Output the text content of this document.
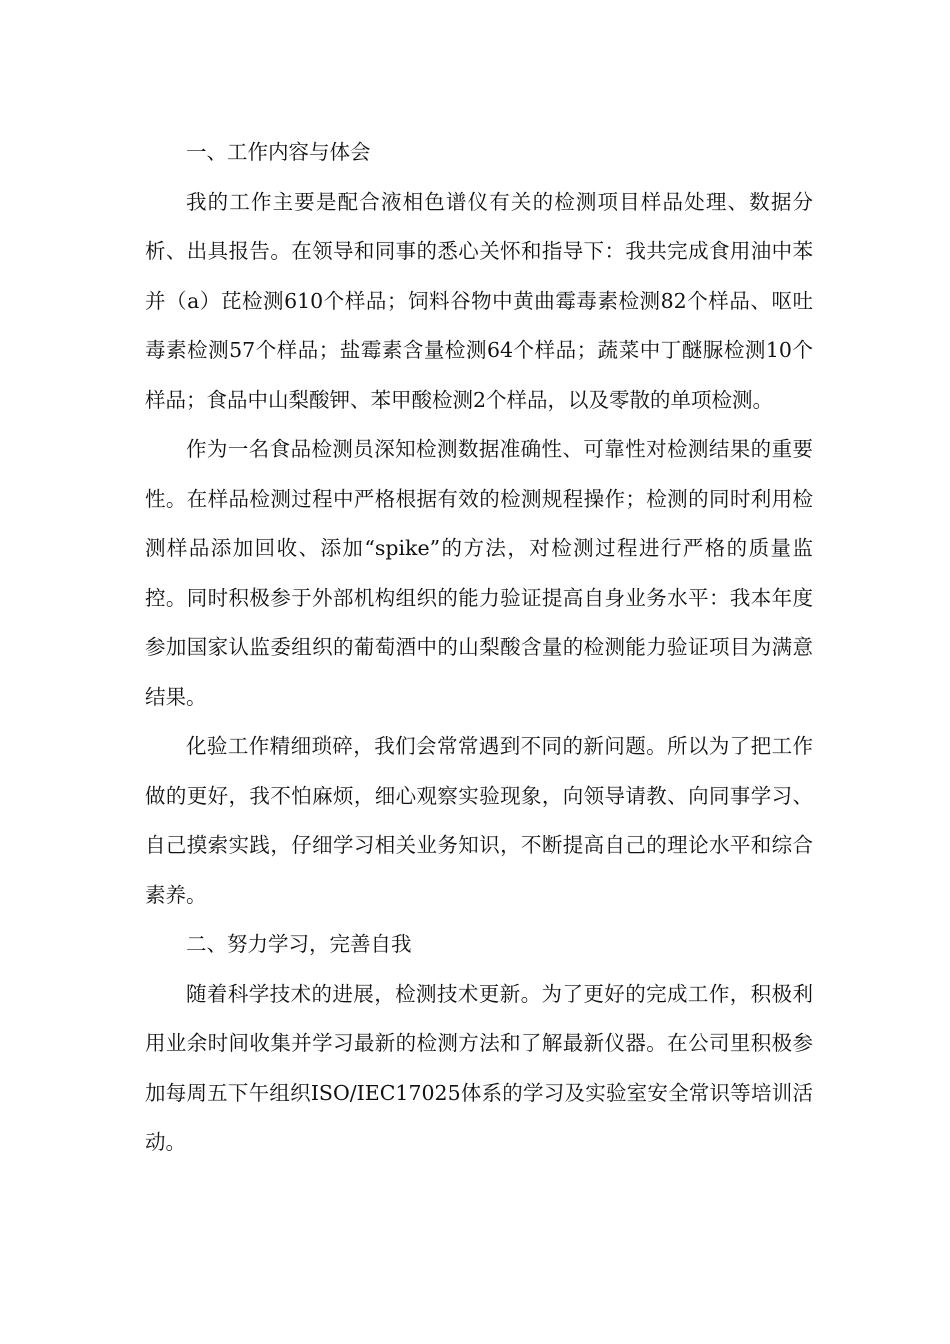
一、工作内容与体会

我的工作主要是配合液相色谱仪有关的检测项目样品处理、数据分析、出具报告。在领导和同事的悉心关怀和指导下：我共完成食用油中苯并（a）芘检测610个样品；饲料谷物中黄曲霉毒素检测82个样品、呕吐毒素检测57个样品；盐霉素含量检测64个样品；蔬菜中丁醚脲检测10个样品；食品中山梨酸钾、苯甲酸检测2个样品，以及零散的单项检测。

作为一名食品检测员深知检测数据准确性、可靠性对检测结果的重要性。在样品检测过程中严格根据有效的检测规程操作；检测的同时利用检测样品添加回收、添加“spike”的方法，对检测过程进行严格的质量监控。同时积极参于外部机构组织的能力验证提高自身业务水平：我本年度参加国家认监委组织的葡萄酒中的山梨酸含量的检测能力验证项目为满意结果。

化验工作精细琐碎，我们会常常遇到不同的新问题。所以为了把工作做的更好，我不怕麻烦，细心观察实验现象，向领导请教、向同事学习、自己摸索实践，仔细学习相关业务知识，不断提高自己的理论水平和综合素养。

二、努力学习，完善自我

随着科学技术的进展，检测技术更新。为了更好的完成工作，积极利用业余时间收集并学习最新的检测方法和了解最新仪器。在公司里积极参加每周五下午组织ISO/IEC17025体系的学习及实验室安全常识等培训活动。
